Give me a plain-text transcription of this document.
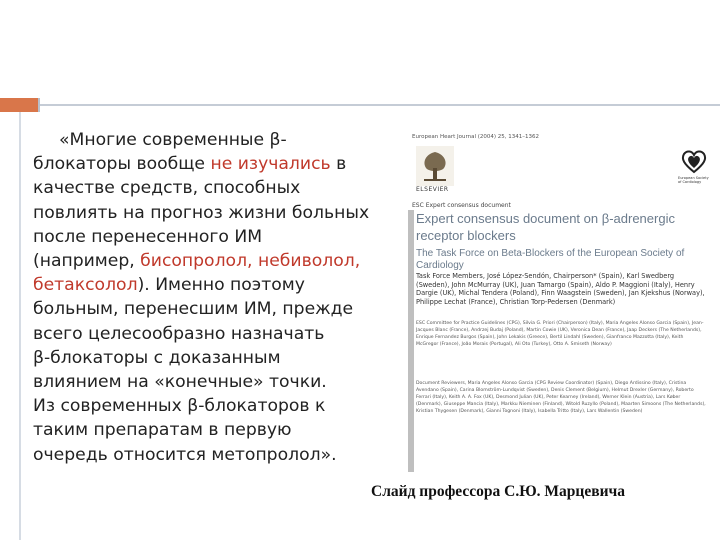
«Многие современные β-
блокаторы вообще не изучались в
качестве средств, способных
повлиять на прогноз жизни больных
после перенесенного ИМ
(например, бисопролол, небиволол,
бетаксолол). Именно поэтому
больным, перенесшим ИМ, прежде
всего целесообразно назначать
β-блокаторы с доказанным
влиянием на «конечные» точки.
Из современных β-блокаторов к
таким препаратам в первую
очередь относится метопролол».
European Heart Journal (2004) 25, 1341–1362
ELSEVIER
European Society of Cardiology
ESC Expert consensus document
Expert consensus document on β-adrenergic receptor blockers
The Task Force on Beta-Blockers of the European Society of Cardiology
Task Force Members, José López-Sendón, Chairperson* (Spain), Karl Swedberg (Sweden), John McMurray (UK), Juan Tamargo (Spain), Aldo P. Maggioni (Italy), Henry Dargie (UK), Michal Tendera (Poland), Finn Waagstein (Sweden), Jan Kjekshus (Norway), Philippe Lechat (France), Christian Torp-Pedersen (Denmark)
ESC Committee for Practice Guidelines (CPG), Silvia G. Priori (Chairperson) (Italy), Maria Angeles Alonso Garcia (Spain), Jean-Jacques Blanc (France), Andrzej Budaj (Poland), Martin Cowie (UK), Veronica Dean (France), Jaap Deckers (The Netherlands), Enrique Fernandez Burgos (Spain), John Lekakis (Greece), Bertil Lindahl (Sweden), Gianfranco Mazzotta (Italy), Keith McGregor (France), João Morais (Portugal), Ali Oto (Turkey), Otto A. Smiseth (Norway)
Document Reviewers, Maria Angeles Alonso Garcia (CPG Review Coordinator) (Spain), Diego Ardissino (Italy), Cristina Avendano (Spain), Carina Blomström-Lundqvist (Sweden), Denis Clement (Belgium), Helmut Drexler (Germany), Roberto Ferrari (Italy), Keith A. A. Fox (UK), Desmond Julian (UK), Peter Kearney (Ireland), Werner Klein (Austria), Lars Køber (Denmark), Giuseppe Mancia (Italy), Markku Nieminen (Finland), Witold Ruzyllo (Poland), Maarten Simoons (The Netherlands), Kristian Thygesen (Denmark), Gianni Tognoni (Italy), Isabella Tritto (Italy), Lars Wallentin (Sweden)
Слайд профессора С.Ю. Марцевича
